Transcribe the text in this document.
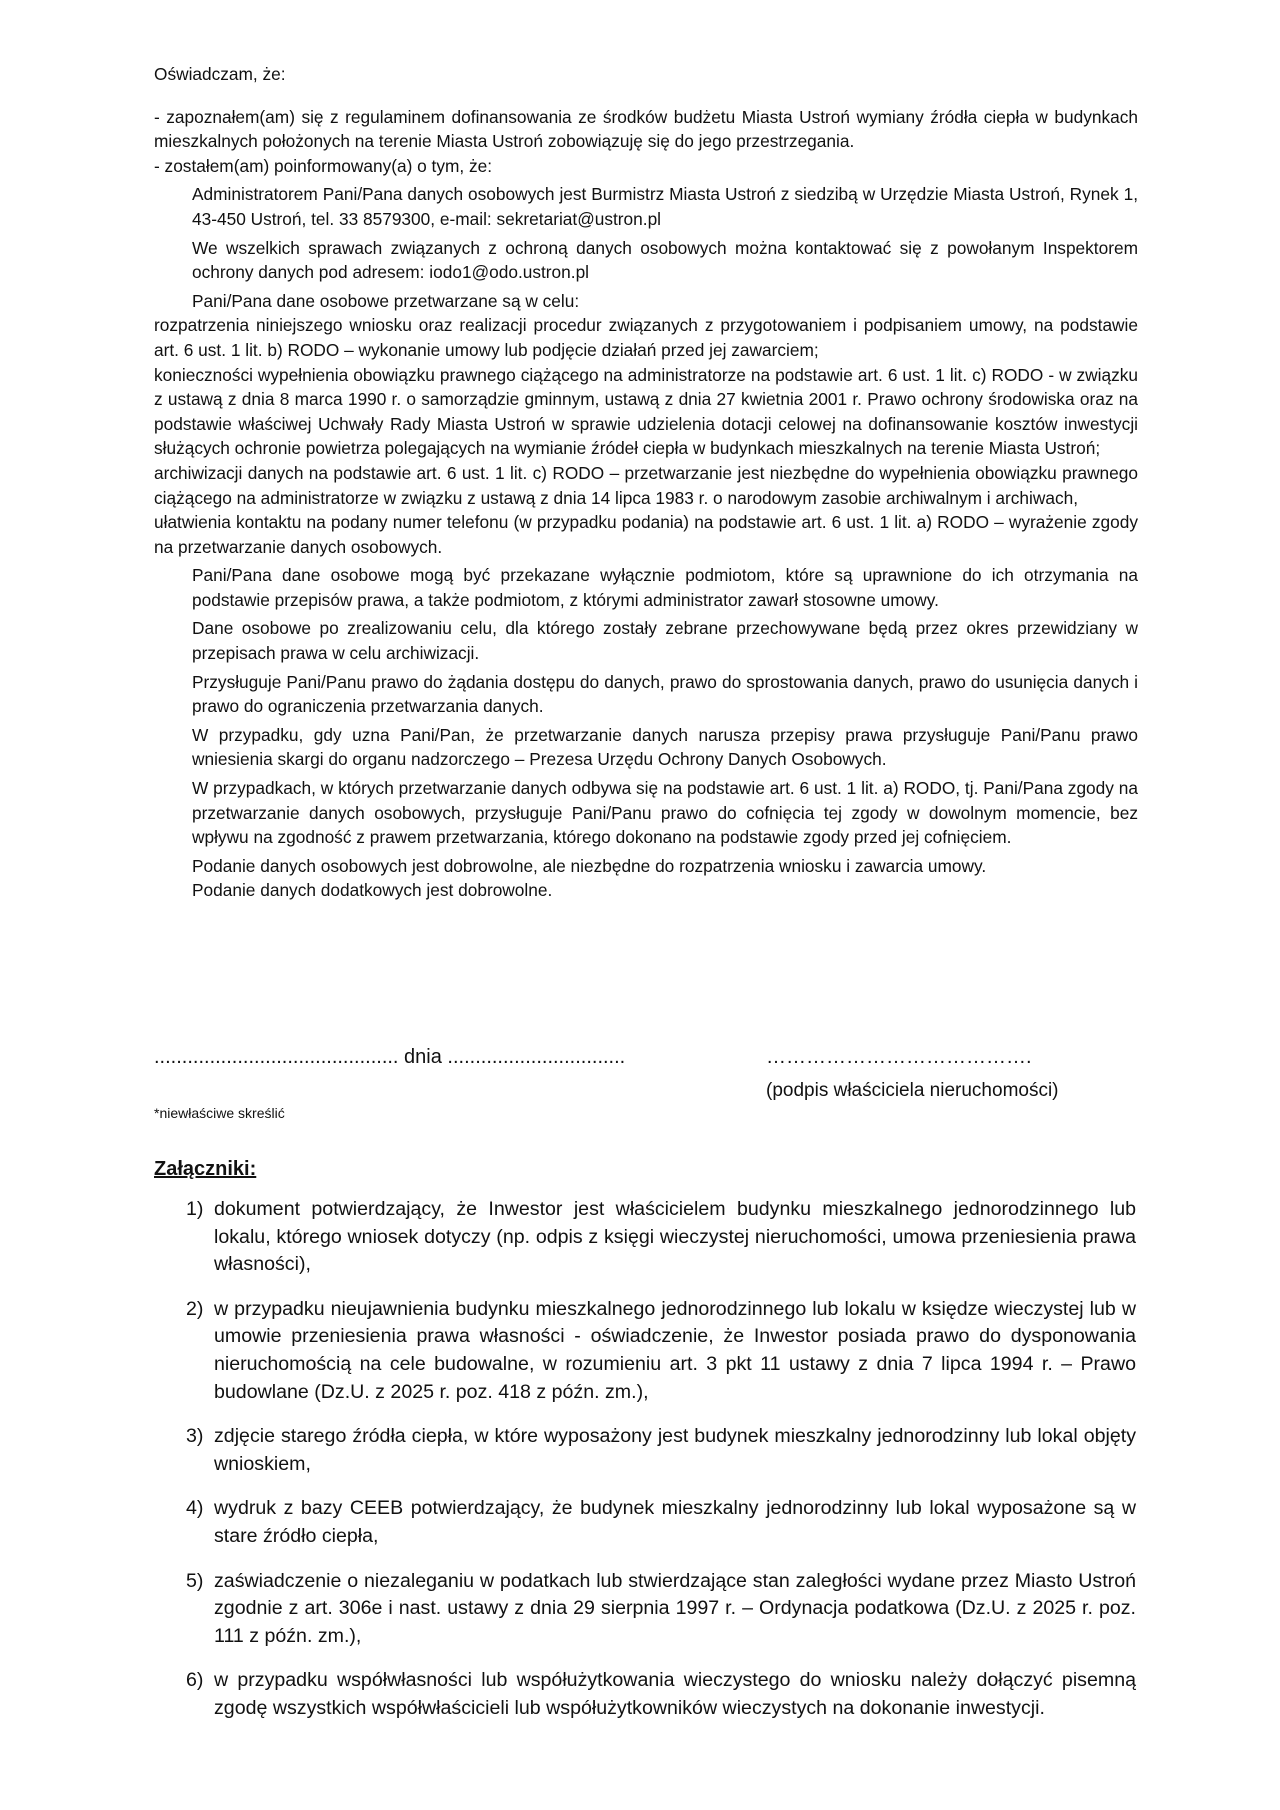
Oświadczam, że:

- zapoznałem(am) się z regulaminem dofinansowania ze środków budżetu Miasta Ustroń wymiany źródła ciepła w budynkach mieszkalnych położonych na terenie Miasta Ustroń zobowiązuję się do jego przestrzegania.

- zostałem(am) poinformowany(a) o tym, że:

Administratorem Pani/Pana danych osobowych jest Burmistrz Miasta Ustroń z siedzibą w Urzędzie Miasta Ustroń, Rynek 1, 43-450 Ustroń, tel. 33 8579300, e-mail: sekretariat@ustron.pl

We wszelkich sprawach związanych z ochroną danych osobowych można kontaktować się z powołanym Inspektorem ochrony danych pod adresem: iodo1@odo.ustron.pl

Pani/Pana dane osobowe przetwarzane są w celu:

rozpatrzenia niniejszego wniosku oraz realizacji procedur związanych z przygotowaniem i podpisaniem umowy, na podstawie art. 6 ust. 1 lit. b) RODO – wykonanie umowy lub podjęcie działań przed jej zawarciem;

konieczności wypełnienia obowiązku prawnego ciążącego na administratorze na podstawie art. 6 ust. 1 lit. c) RODO - w związku z ustawą z dnia 8 marca 1990 r. o samorządzie gminnym, ustawą z dnia 27 kwietnia 2001 r. Prawo ochrony środowiska oraz na podstawie właściwej Uchwały Rady Miasta Ustroń w sprawie udzielenia dotacji celowej na dofinansowanie kosztów inwestycji służących ochronie powietrza polegających na wymianie źródeł ciepła w budynkach mieszkalnych na terenie Miasta Ustroń;

archiwizacji danych na podstawie art. 6 ust. 1 lit. c) RODO – przetwarzanie jest niezbędne do wypełnienia obowiązku prawnego ciążącego na administratorze w związku z ustawą z dnia 14 lipca 1983 r. o narodowym zasobie archiwalnym i archiwach,

ułatwienia kontaktu na podany numer telefonu (w przypadku podania) na podstawie art. 6 ust. 1 lit. a) RODO – wyrażenie zgody na przetwarzanie danych osobowych.

Pani/Pana dane osobowe mogą być przekazane wyłącznie podmiotom, które są uprawnione do ich otrzymania na podstawie przepisów prawa, a także podmiotom, z którymi administrator zawarł stosowne umowy.

Dane osobowe po zrealizowaniu celu, dla którego zostały zebrane przechowywane będą przez okres przewidziany w przepisach prawa w celu archiwizacji.

Przysługuje Pani/Panu prawo do żądania dostępu do danych, prawo do sprostowania danych, prawo do usunięcia danych i prawo do ograniczenia przetwarzania danych.

W przypadku, gdy uzna Pani/Pan, że przetwarzanie danych narusza przepisy prawa przysługuje Pani/Panu prawo wniesienia skargi do organu nadzorczego – Prezesa Urzędu Ochrony Danych Osobowych.

W przypadkach, w których przetwarzanie danych odbywa się na podstawie art. 6 ust. 1 lit. a) RODO, tj. Pani/Pana zgody na przetwarzanie danych osobowych, przysługuje Pani/Panu prawo do cofnięcia tej zgody w dowolnym momencie, bez wpływu na zgodność z prawem przetwarzania, którego dokonano na podstawie zgody przed jej cofnięciem.

Podanie danych osobowych jest dobrowolne, ale niezbędne do rozpatrzenia wniosku i zawarcia umowy.

Podanie danych dodatkowych jest dobrowolne.

............................................ dnia ................................	………………………………….
(podpis właściciela nieruchomości)
*niewłaściwe skreślić
Załączniki:
1) dokument potwierdzający, że Inwestor jest właścicielem budynku mieszkalnego jednorodzinnego lub lokalu, którego wniosek dotyczy (np. odpis z księgi wieczystej nieruchomości, umowa przeniesienia prawa własności),
2) w przypadku nieujawnienia budynku mieszkalnego jednorodzinnego lub lokalu w księdze wieczystej lub w umowie przeniesienia prawa własności - oświadczenie, że Inwestor posiada prawo do dysponowania nieruchomością na cele budowalne, w rozumieniu art. 3 pkt 11 ustawy z dnia 7 lipca 1994 r. – Prawo budowlane (Dz.U. z 2025 r. poz. 418 z późn. zm.),
3) zdjęcie starego źródła ciepła, w które wyposażony jest budynek mieszkalny jednorodzinny lub lokal objęty wnioskiem,
4) wydruk z bazy CEEB potwierdzający, że budynek mieszkalny jednorodzinny lub lokal wyposażone są w stare źródło ciepła,
5) zaświadczenie o niezaleganiu w podatkach lub stwierdzające stan zaległości wydane przez Miasto Ustroń zgodnie z art. 306e i nast. ustawy z dnia 29 sierpnia 1997 r. – Ordynacja podatkowa (Dz.U. z 2025 r. poz. 111 z późn. zm.),
6) w przypadku współwłasności lub współużytkowania wieczystego do wniosku należy dołączyć pisemną zgodę wszystkich współwłaścicieli lub współużytkowników wieczystych na dokonanie inwestycji.
